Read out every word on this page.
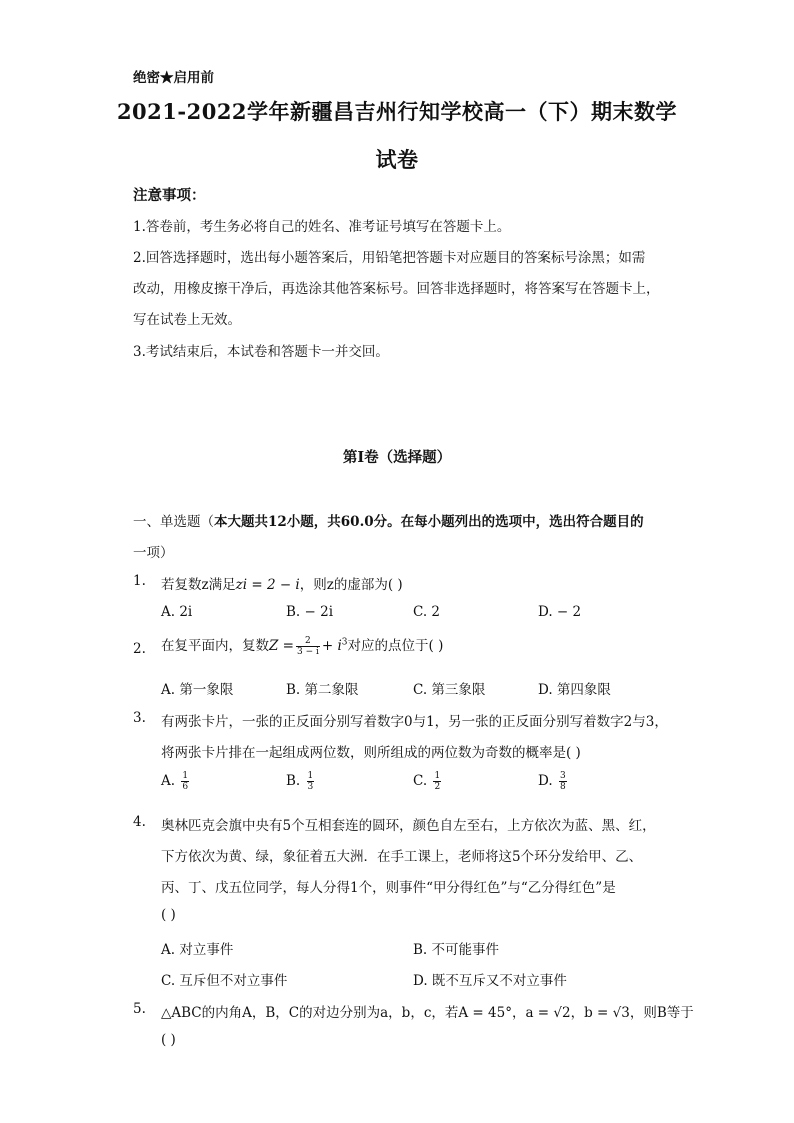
绝密★启用前
2021-2022学年新疆昌吉州行知学校高一（下）期末数学
试卷
注意事项：
1.答卷前，考生务必将自己的姓名、准考证号填写在答题卡上。
2.回答选择题时，选出每小题答案后，用铅笔把答题卡对应题目的答案标号涂黑；如需
改动，用橡皮擦干净后，再选涂其他答案标号。回答非选择题时，将答案写在答题卡上，
写在试卷上无效。
3.考试结束后，本试卷和答题卡一并交回。
第I卷（选择题）
一、单选题（本大题共12小题，共60.0分。在每小题列出的选项中，选出符合题目的
一项）
1. 若复数z满足zi = 2 − i，则z的虚部为( )
A. 2i	B. − 2i	C. 2	D. − 2
2. 在复平面内，复数$Z = \frac{2}{3 - i} + i^3$对应的点位于( )
A. 第一象限	B. 第二象限	C. 第三象限	D. 第四象限
3. 有两张卡片，一张的正反面分别写着数字0与1，另一张的正反面分别写着数字2与3，
将两张卡片排在一起组成两位数，则所组成的两位数为奇数的概率是( )
A. $\frac{1}{6}$	B. $\frac{1}{3}$	C. $\frac{1}{2}$	D. $\frac{3}{8}$
4. 奥林匹克会旗中央有5个互相套连的圆环，颜色自左至右，上方依次为蓝、黑、红，
下方依次为黄、绿，象征着五大洲．在手工课上，老师将这5个环分发给甲、乙、
丙、丁、戊五位同学，每人分得1个，则事件“甲分得红色”与“乙分得红色”是
( )
A. 对立事件	B. 不可能事件
C. 互斥但不对立事件	D. 既不互斥又不对立事件
5. △ABC的内角A，B，C的对边分别为a，b，c，若A = 45°，a = √2，b = √3，则B等于
( )
